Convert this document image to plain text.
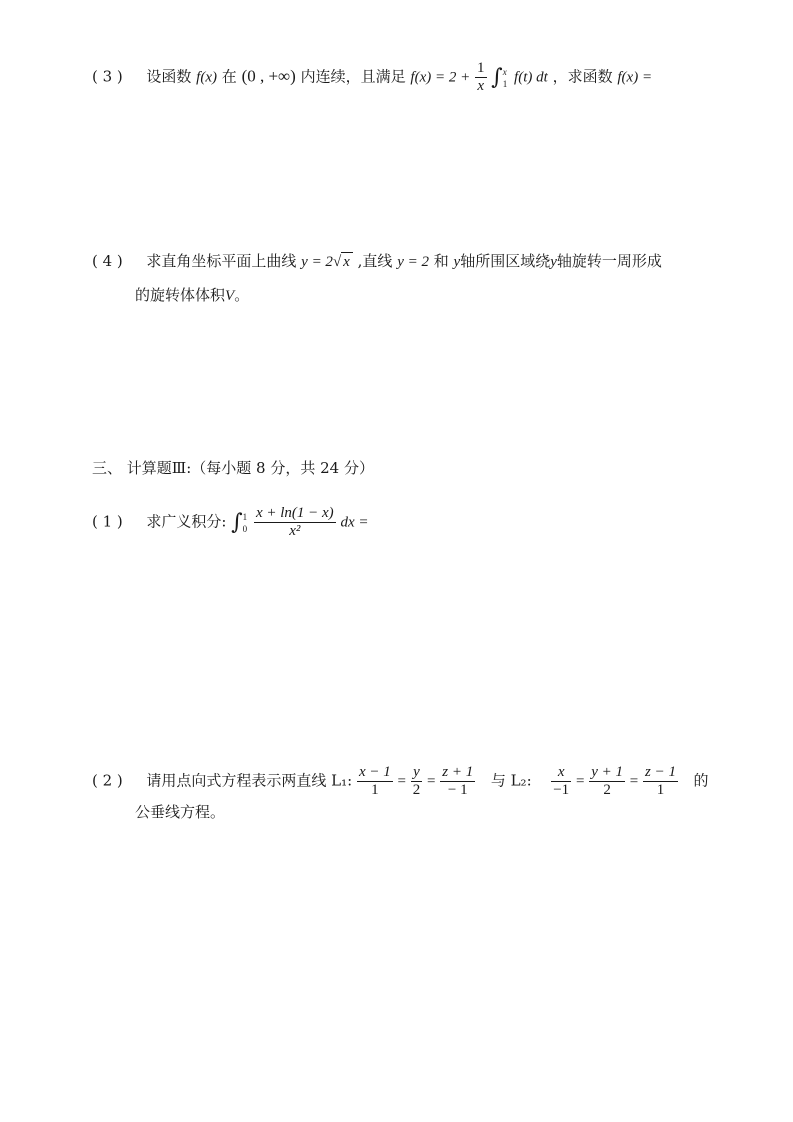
( 3 ) 设函数 f(x) 在 (0 , +∞) 内连续，且满足 $f(x) = 2 + \frac{1}{x}$ ∫ x
1 f(t) dt ，求函数 f(x) =
( 4 ) 求直角坐标平面上曲线 y = 2√ x ,直线 y = 2 和 y轴所围区域绕y轴旋转一周形成
的旋转体体积V。
三、 计算题Ⅲ:（每小题 8 分，共 24 分）
( 1 ) 求广义积分: ∫ 1
0
$\frac{x + \ln(1 - x)}{\text{x²}}$ dx =
( 2 ) 请用点向式方程表示两直线 L₁: $\frac{x - 1}{1} = \frac{y}{2} = \frac{z + 1}{- 1}$ 与 L₂: $\frac{x}{-1} = \frac{y + 1}{2} = \frac{z - 1}{1}$ 的
公垂线方程。
